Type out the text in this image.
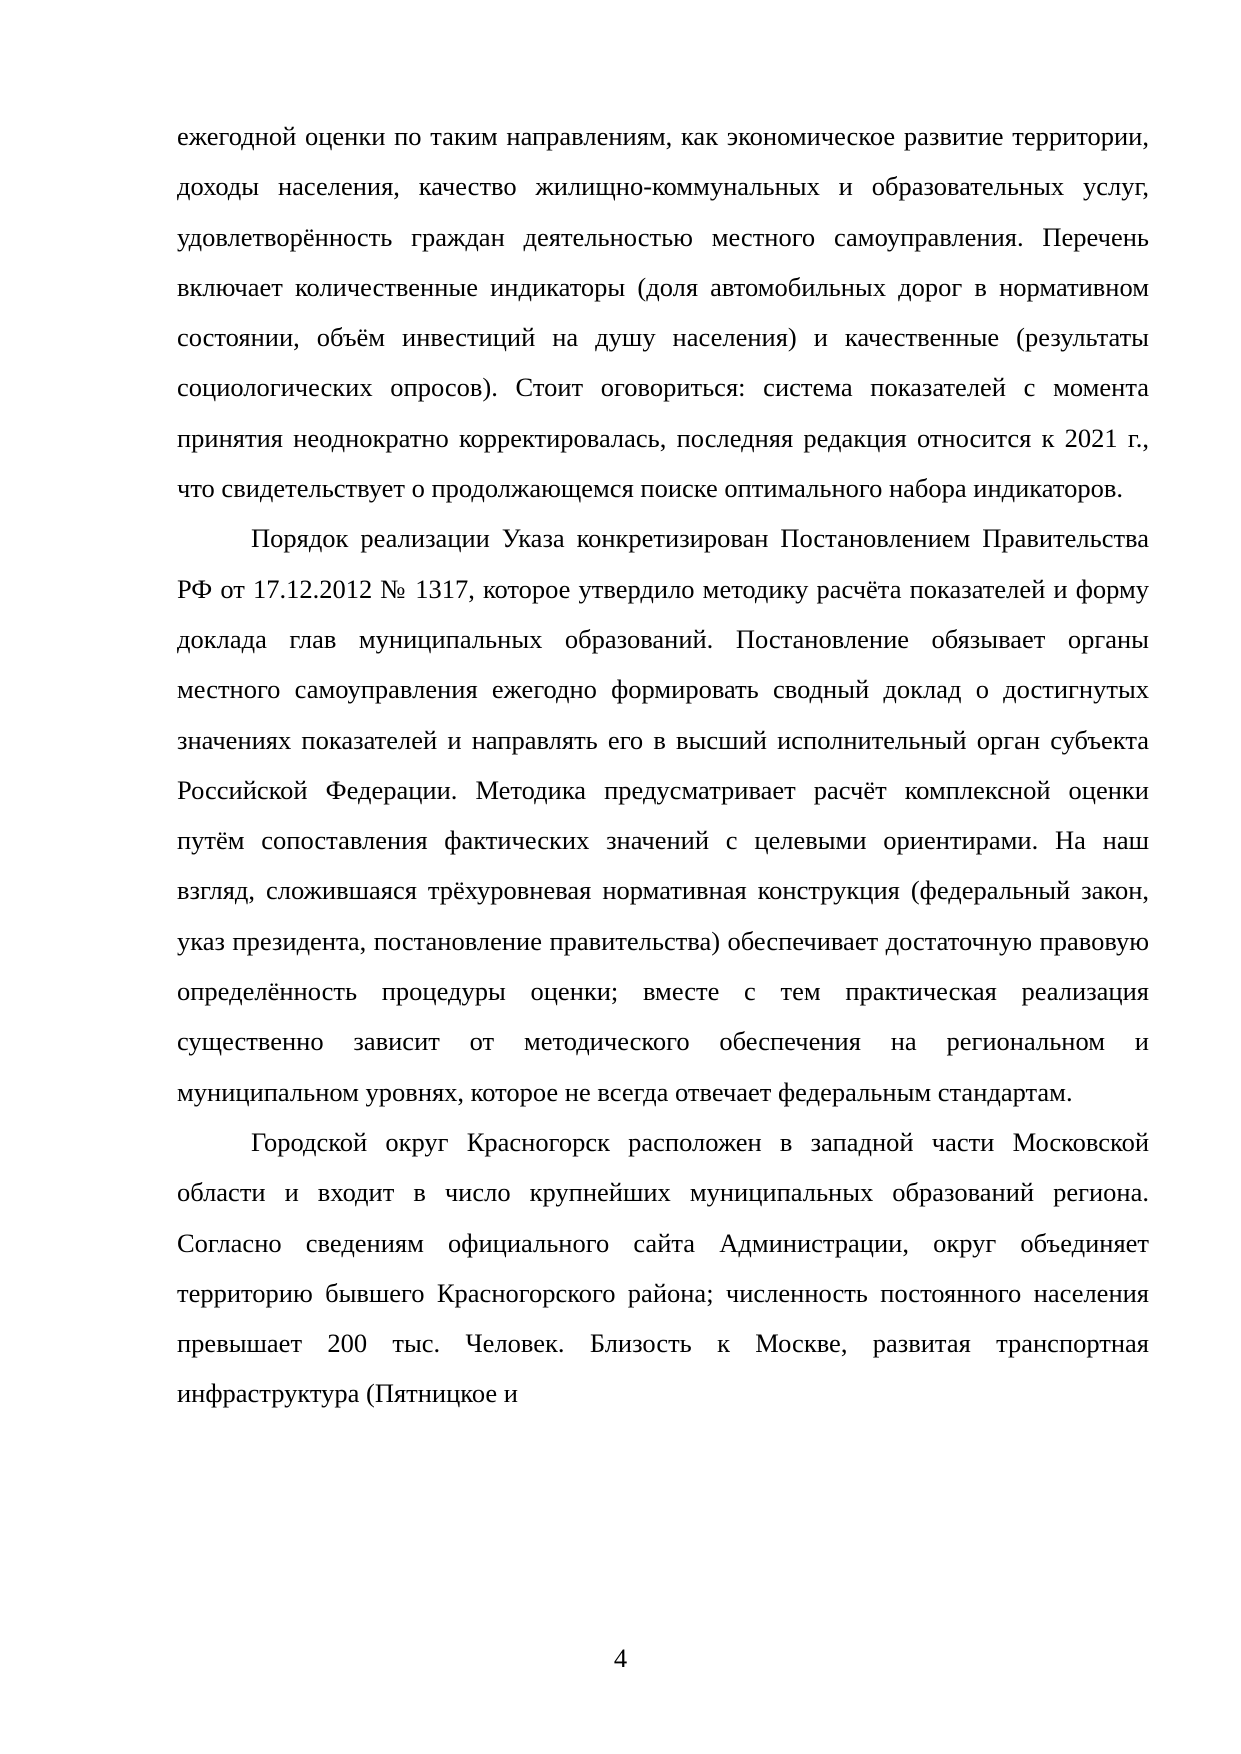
ежегодной оценки по таким направлениям, как экономическое развитие территории, доходы населения, качество жилищно-коммунальных и образовательных услуг, удовлетворённость граждан деятельностью местного самоуправления. Перечень включает количественные индикаторы (доля автомобильных дорог в нормативном состоянии, объём инвестиций на душу населения) и качественные (результаты социологических опросов). Стоит оговориться: система показателей с момента принятия неоднократно корректировалась, последняя редакция относится к 2021 г., что свидетельствует о продолжающемся поиске оптимального набора индикаторов.

Порядок реализации Указа конкретизирован Постановлением Правительства РФ от 17.12.2012 № 1317, которое утвердило методику расчёта показателей и форму доклада глав муниципальных образований. Постановление обязывает органы местного самоуправления ежегодно формировать сводный доклад о достигнутых значениях показателей и направлять его в высший исполнительный орган субъекта Российской Федерации. Методика предусматривает расчёт комплексной оценки путём сопоставления фактических значений с целевыми ориентирами. На наш взгляд, сложившаяся трёхуровневая нормативная конструкция (федеральный закон, указ президента, постановление правительства) обеспечивает достаточную правовую определённость процедуры оценки; вместе с тем практическая реализация существенно зависит от методического обеспечения на региональном и муниципальном уровнях, которое не всегда отвечает федеральным стандартам.

Городской округ Красногорск расположен в западной части Московской области и входит в число крупнейших муниципальных образований региона. Согласно сведениям официального сайта Администрации, округ объединяет территорию бывшего Красногорского района; численность постоянного населения превышает 200 тыс. Человек. Близость к Москве, развитая транспортная инфраструктура (Пятницкое и

4
